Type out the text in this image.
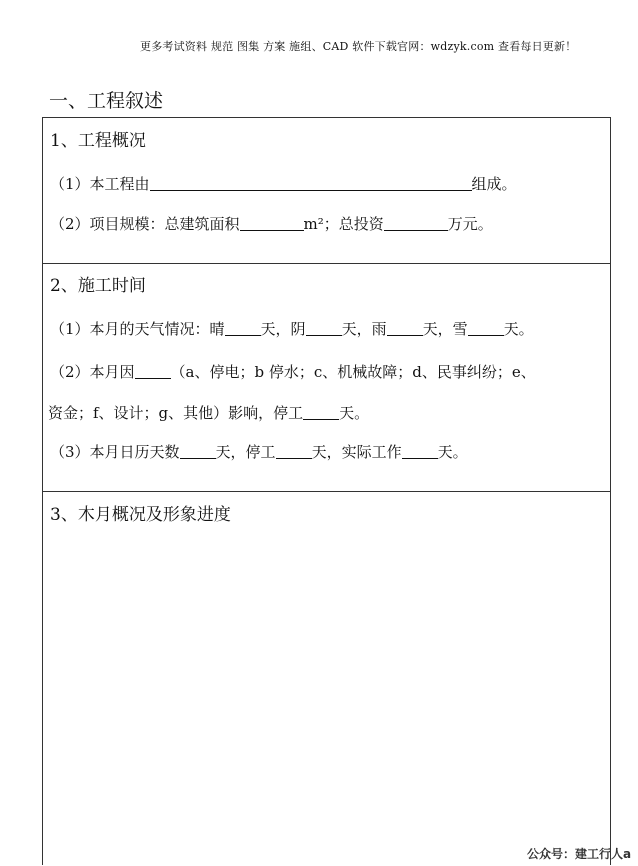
更多考试资料 规范 图集 方案 施组、CAD 软件下载官网：wdzyk.com 查看每日更新！
一、工程叙述
1、工程概况
（1）本工程由	组成。
（2）项目规模：总建筑面积	m²；总投资	万元。
2、施工时间
（1）本月的天气情况：晴 天，阴 天，雨 天，雪 天。
（2）本月因 （a、停电；b 停水；c、机械故障；d、民事纠纷；e、
资金；f、设计；g、其他）影响，停工 天。
（3）本月日历天数 天，停工 天，实际工作 天。
3、木月概况及形象进度
公众号：建工行人a
